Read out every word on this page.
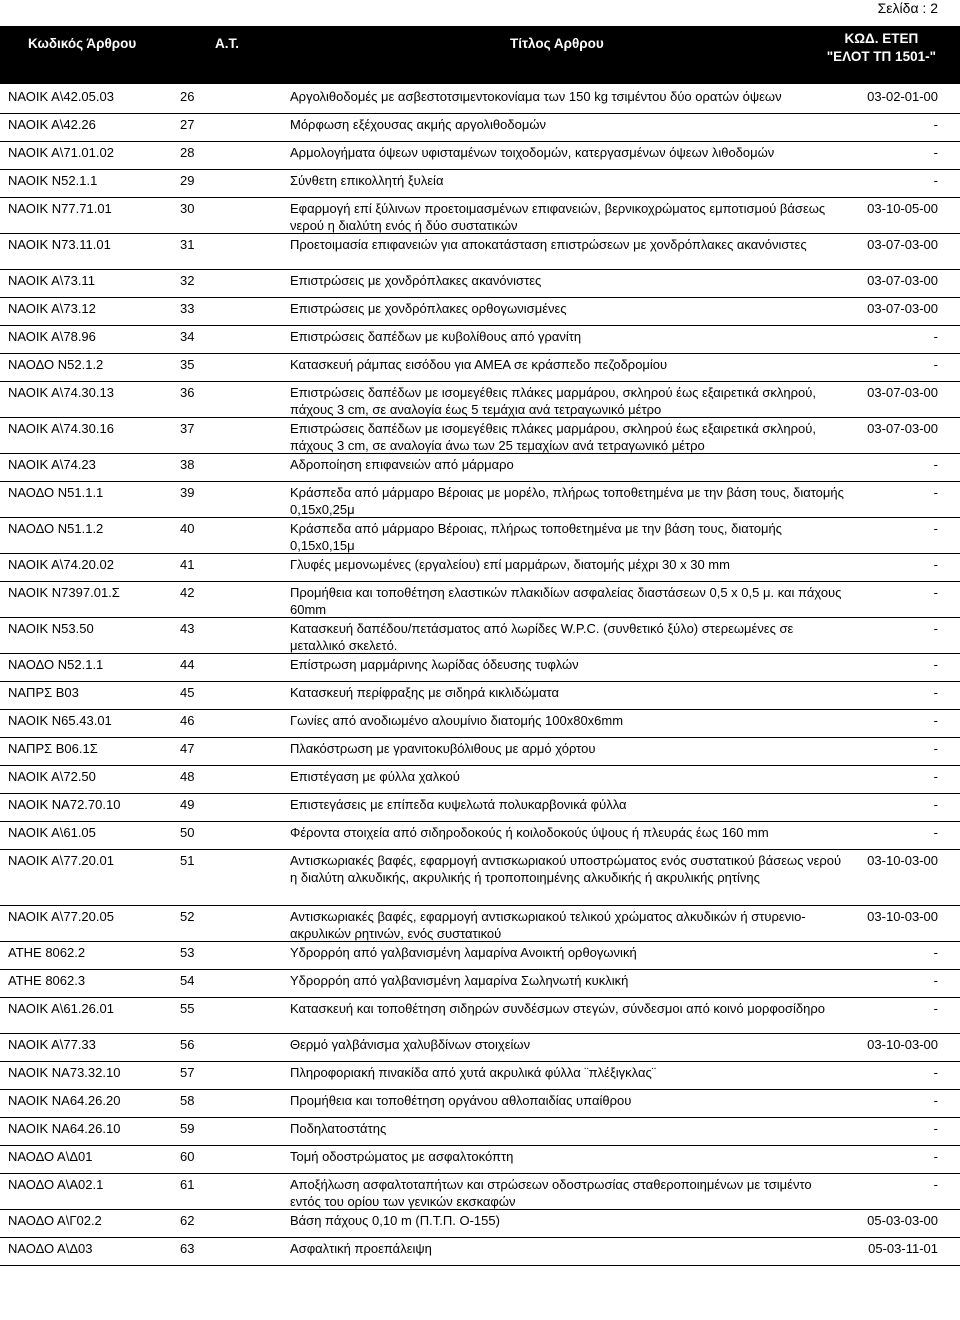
Σελίδα : 2
Κωδικός Άρθρου	Α.Τ.	Τίτλος Αρθρου	ΚΩΔ. ΕΤΕΠ
"ΕΛΟΤ ΤΠ 1501-"
ΝΑΟΙΚ Α\42.05.03	26	Αργολιθοδομές με ασβεστοτσιμεντοκονίαμα των 150 kg τσιμέντου δύο ορατών όψεων	03-02-01-00
ΝΑΟΙΚ Α\42.26	27	Μόρφωση εξέχουσας ακμής αργολιθοδομών	-
ΝΑΟΙΚ Α\71.01.02	28	Αρμολογήματα όψεων υφισταμένων τοιχοδομών, κατεργασμένων όψεων λιθοδομών	-
ΝΑΟΙΚ Ν52.1.1	29	Σύνθετη επικολλητή ξυλεία	-
ΝΑΟΙΚ Ν77.71.01	30	Εφαρμογή επί ξύλινων προετοιμασμένων επιφανειών, βερνικοχρώματος εμποτισμού βάσεως νερού η διαλύτη ενός ή δύο συστατικών
03-10-05-00
ΝΑΟΙΚ Ν73.11.01	31	Προετοιμασία επιφανειών για αποκατάσταση επιστρώσεων με χονδρόπλακες ακανόνιστες	03-07-03-00
ΝΑΟΙΚ Α\73.11	32	Επιστρώσεις με χονδρόπλακες ακανόνιστες	03-07-03-00
ΝΑΟΙΚ Α\73.12	33	Επιστρώσεις με χονδρόπλακες ορθογωνισμένες	03-07-03-00
ΝΑΟΙΚ Α\78.96	34	Επιστρώσεις δαπέδων με κυβολίθους από γρανίτη	-
ΝΑΟΔΟ Ν52.1.2	35	Κατασκευή ράμπας εισόδου για ΑΜΕΑ σε κράσπεδο πεζοδρομίου	-
ΝΑΟΙΚ Α\74.30.13	36	Επιστρώσεις δαπέδων με ισομεγέθεις πλάκες μαρμάρου, σκληρού έως εξαιρετικά σκληρού, πάχους 3 cm, σε αναλογία έως 5 τεμάχια ανά τετραγωνικό μέτρο
03-07-03-00
ΝΑΟΙΚ Α\74.30.16	37	Επιστρώσεις δαπέδων με ισομεγέθεις πλάκες μαρμάρου, σκληρού έως εξαιρετικά σκληρού, πάχους 3 cm, σε αναλογία άνω των 25 τεμαχίων ανά τετραγωνικό μέτρο
03-07-03-00
ΝΑΟΙΚ Α\74.23	38	Αδροποίηση επιφανειών από μάρμαρο	-
ΝΑΟΔΟ Ν51.1.1	39	Κράσπεδα από μάρμαρο Βέροιας με μορέλο, πλήρως τοποθετημένα με την βάση τους, διατομής 0,15x0,25μ
-
ΝΑΟΔΟ Ν51.1.2	40	Κράσπεδα από μάρμαρο Βέροιας, πλήρως τοποθετημένα με την βάση τους, διατομής 0,15x0,15μ
-
ΝΑΟΙΚ Α\74.20.02	41	Γλυφές μεμονωμένες (εργαλείου) επί μαρμάρων, διατομής μέχρι 30 x 30 mm	-
ΝΑΟΙΚ Ν7397.01.Σ	42	Προμήθεια και τοποθέτηση ελαστικών πλακιδίων ασφαλείας διαστάσεων 0,5 x 0,5 μ. και πάχους 60mm
-
ΝΑΟΙΚ Ν53.50	43	Κατασκευή δαπέδου/πετάσματος από λωρίδες W.P.C. (συνθετικό ξύλο) στερεωμένες σε μεταλλικό σκελετό.
-
ΝΑΟΔΟ Ν52.1.1	44	Επίστρωση μαρμάρινης λωρίδας όδευσης τυφλών	-
ΝΑΠΡΣ Β03	45	Κατασκευή περίφραξης με σιδηρά κικλιδώματα	-
ΝΑΟΙΚ Ν65.43.01	46	Γωνίες από ανοδιωμένο αλουμίνιο διατομής 100x80x6mm	-
ΝΑΠΡΣ Β06.1Σ	47	Πλακόστρωση με γρανιτοκυβόλιθους με αρμό χόρτου	-
ΝΑΟΙΚ Α\72.50	48	Επιστέγαση με φύλλα χαλκού	-
ΝΑΟΙΚ ΝΑ72.70.10	49	Επιστεγάσεις με επίπεδα κυψελωτά πολυκαρβονικά φύλλα	-
ΝΑΟΙΚ Α\61.05	50	Φέροντα στοιχεία από σιδηροδοκούς ή κοιλοδοκούς ύψους ή πλευράς έως 160 mm	-
ΝΑΟΙΚ Α\77.20.01	51	Αντισκωριακές βαφές, εφαρμογή αντισκωριακού υποστρώματος ενός συστατικού βάσεως νερού η διαλύτη αλκυδικής, ακρυλικής ή τροποποιημένης αλκυδικής ή ακρυλικής ρητίνης
03-10-03-00
ΝΑΟΙΚ Α\77.20.05	52	Αντισκωριακές βαφές, εφαρμογή αντισκωριακού τελικού χρώματος αλκυδικών ή στυρενιο-ακρυλικών ρητινών, ενός συστατικού
03-10-03-00
ΑΤΗΕ 8062.2	53	Υδρορρόη από γαλβανισμένη λαμαρίνα Ανοικτή ορθογωνική	-
ΑΤΗΕ 8062.3	54	Υδρορρόη από γαλβανισμένη λαμαρίνα Σωληνωτή κυκλική	-
ΝΑΟΙΚ Α\61.26.01	55	Κατασκευή και τοποθέτηση σιδηρών συνδέσμων στεγών, σύνδεσμοι από κοινό μορφοσίδηρο	-
ΝΑΟΙΚ Α\77.33	56	Θερμό γαλβάνισμα χαλυβδίνων στοιχείων	03-10-03-00
ΝΑΟΙΚ ΝΑ73.32.10	57	Πληροφοριακή πινακίδα από χυτά ακρυλικά φύλλα ¨πλέξιγκλας¨	-
ΝΑΟΙΚ ΝΑ64.26.20	58	Προμήθεια και τοποθέτηση οργάνου αθλοπαιδίας υπαίθρου	-
ΝΑΟΙΚ ΝΑ64.26.10	59	Ποδηλατοστάτης	-
ΝΑΟΔΟ Α\Δ01	60	Τομή οδοστρώματος με ασφαλτοκόπτη	-
ΝΑΟΔΟ Α\Α02.1	61	Αποξήλωση ασφαλτοταπήτων και στρώσεων οδοστρωσίας σταθεροποιημένων με τσιμέντο εντός του ορίου των γενικών εκσκαφών
-
ΝΑΟΔΟ Α\Γ02.2	62	Βάση πάχους 0,10 m (Π.Τ.Π. Ο-155)	05-03-03-00
ΝΑΟΔΟ Α\Δ03	63	Ασφαλτική προεπάλειψη	05-03-11-01
